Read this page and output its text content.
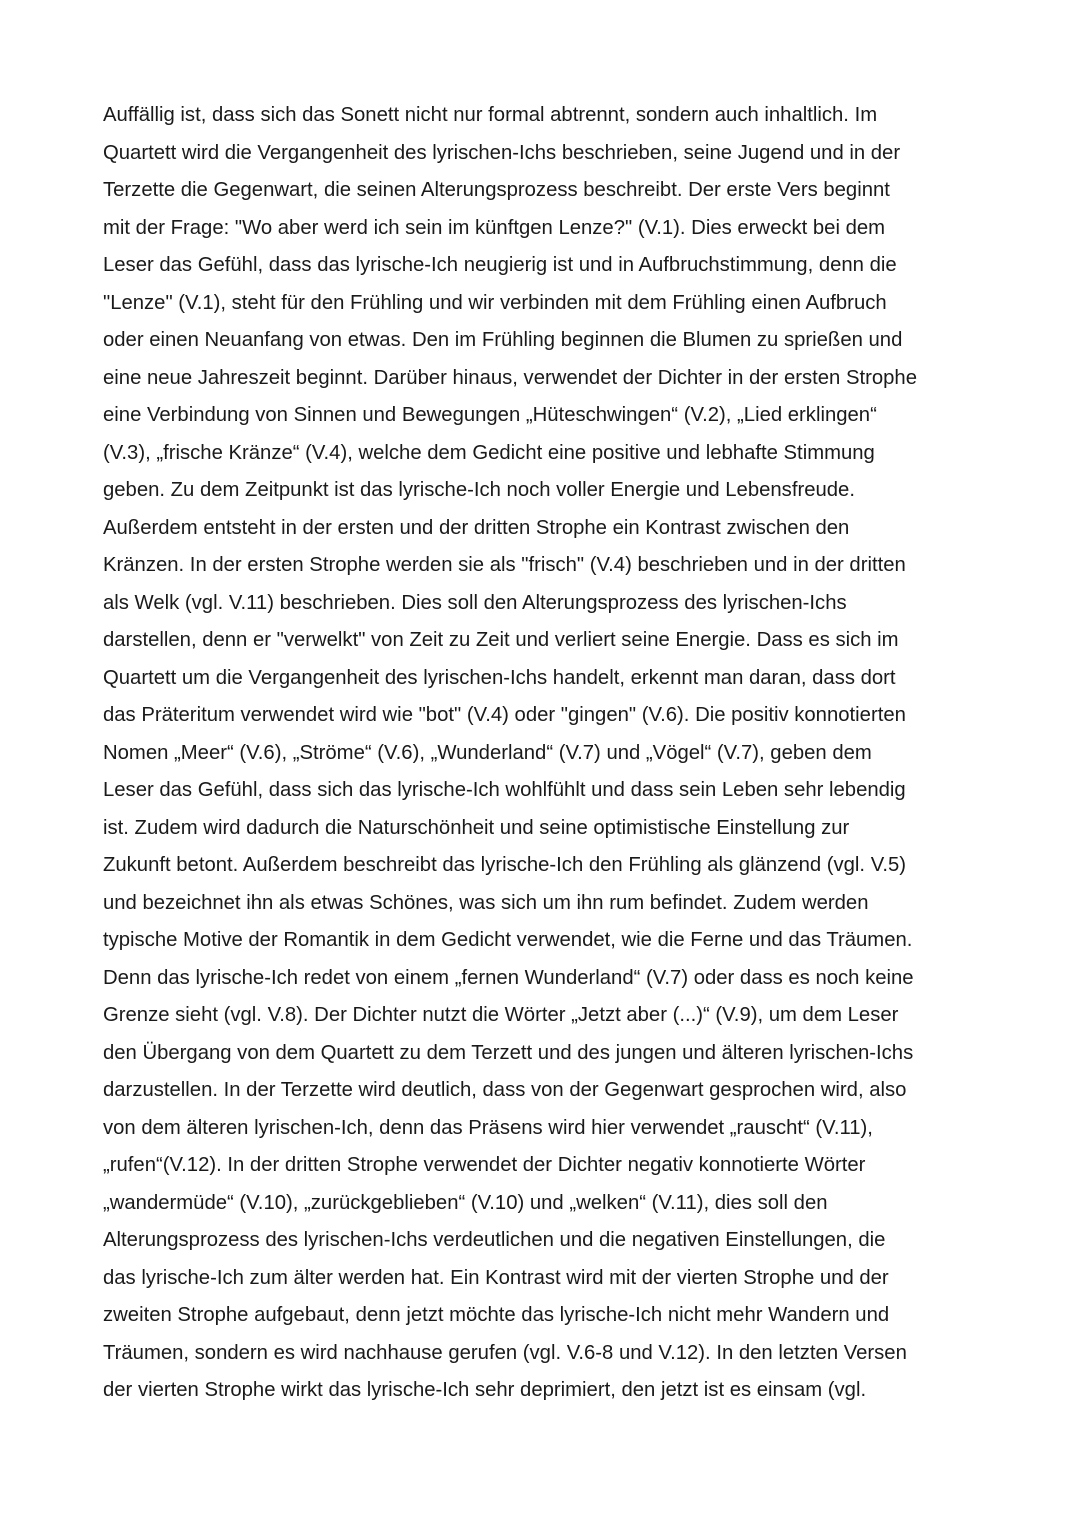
Auffällig ist, dass sich das Sonett nicht nur formal abtrennt, sondern auch inhaltlich. Im
Quartett wird die Vergangenheit des lyrischen-Ichs beschrieben, seine Jugend und in der
Terzette die Gegenwart, die seinen Alterungsprozess beschreibt. Der erste Vers beginnt
mit der Frage: "Wo aber werd ich sein im künftgen Lenze?" (V.1). Dies erweckt bei dem
Leser das Gefühl, dass das lyrische-Ich neugierig ist und in Aufbruchstimmung, denn die
"Lenze" (V.1), steht für den Frühling und wir verbinden mit dem Frühling einen Aufbruch
oder einen Neuanfang von etwas. Den im Frühling beginnen die Blumen zu sprießen und
eine neue Jahreszeit beginnt. Darüber hinaus, verwendet der Dichter in der ersten Strophe
eine Verbindung von Sinnen und Bewegungen „Hüteschwingen“ (V.2), „Lied erklingen“
(V.3), „frische Kränze“ (V.4), welche dem Gedicht eine positive und lebhafte Stimmung
geben. Zu dem Zeitpunkt ist das lyrische-Ich noch voller Energie und Lebensfreude.
Außerdem entsteht in der ersten und der dritten Strophe ein Kontrast zwischen den
Kränzen. In der ersten Strophe werden sie als "frisch" (V.4) beschrieben und in der dritten
als Welk (vgl. V.11) beschrieben. Dies soll den Alterungsprozess des lyrischen-Ichs
darstellen, denn er "verwelkt" von Zeit zu Zeit und verliert seine Energie. Dass es sich im
Quartett um die Vergangenheit des lyrischen-Ichs handelt, erkennt man daran, dass dort
das Präteritum verwendet wird wie "bot" (V.4) oder "gingen" (V.6). Die positiv konnotierten
Nomen „Meer“ (V.6), „Ströme“ (V.6), „Wunderland“ (V.7) und „Vögel“ (V.7), geben dem
Leser das Gefühl, dass sich das lyrische-Ich wohlfühlt und dass sein Leben sehr lebendig
ist. Zudem wird dadurch die Naturschönheit und seine optimistische Einstellung zur
Zukunft betont. Außerdem beschreibt das lyrische-Ich den Frühling als glänzend (vgl. V.5)
und bezeichnet ihn als etwas Schönes, was sich um ihn rum befindet. Zudem werden
typische Motive der Romantik in dem Gedicht verwendet, wie die Ferne und das Träumen.
Denn das lyrische-Ich redet von einem „fernen Wunderland“ (V.7) oder dass es noch keine
Grenze sieht (vgl. V.8). Der Dichter nutzt die Wörter „Jetzt aber (...)“ (V.9), um dem Leser
den Übergang von dem Quartett zu dem Terzett und des jungen und älteren lyrischen-Ichs
darzustellen. In der Terzette wird deutlich, dass von der Gegenwart gesprochen wird, also
von dem älteren lyrischen-Ich, denn das Präsens wird hier verwendet „rauscht“ (V.11),
„rufen“(V.12). In der dritten Strophe verwendet der Dichter negativ konnotierte Wörter
„wandermüde“ (V.10), „zurückgeblieben“ (V.10) und „welken“ (V.11), dies soll den
Alterungsprozess des lyrischen-Ichs verdeutlichen und die negativen Einstellungen, die
das lyrische-Ich zum älter werden hat. Ein Kontrast wird mit der vierten Strophe und der
zweiten Strophe aufgebaut, denn jetzt möchte das lyrische-Ich nicht mehr Wandern und
Träumen, sondern es wird nachhause gerufen (vgl. V.6-8 und V.12). In den letzten Versen
der vierten Strophe wirkt das lyrische-Ich sehr deprimiert, den jetzt ist es einsam (vgl.
